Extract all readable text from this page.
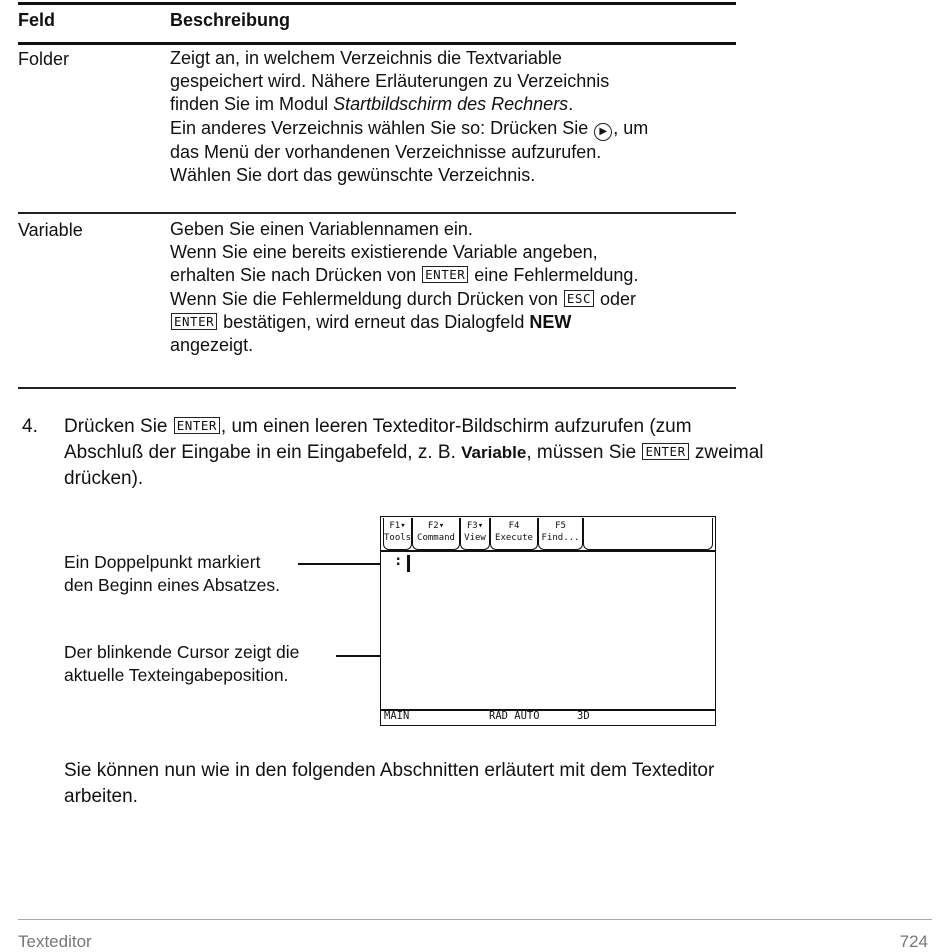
Feld	Beschreibung
Folder	Zeigt an, in welchem Verzeichnis die Textvariable
gespeichert wird. Nähere Erläuterungen zu Verzeichnis
finden Sie im Modul Startbildschirm des Rechners.
Ein anderes Verzeichnis wählen Sie so: Drücken Sie ▶ , um
das Menü der vorhandenen Verzeichnisse aufzurufen.
Wählen Sie dort das gewünschte Verzeichnis.
Variable	Geben Sie einen Variablennamen ein.
Wenn Sie eine bereits existierende Variable angeben,
erhalten Sie nach Drücken von ENTER eine Fehlermeldung.
Wenn Sie die Fehlermeldung durch Drücken von ESC oder
ENTER bestätigen, wird erneut das Dialogfeld NEW
angezeigt.
4. Drücken Sie ENTER , um einen leeren Texteditor-Bildschirm aufzurufen (zum
Abschluß der Eingabe in ein Eingabefeld, z. B. Variable, müssen Sie ENTER zweimal
drücken).
Ein Doppelpunkt markiert
den Beginn eines Absatzes.
Der blinkende Cursor zeigt die
aktuelle Texteingabeposition.
F1▾
Tools
F2▾
Command
F3▾
View
F4
Execute
F5
Find...
:
MAIN	RAD AUTO	3D
Sie können nun wie in den folgenden Abschnitten erläutert mit dem Texteditor
arbeiten.
Texteditor	724
